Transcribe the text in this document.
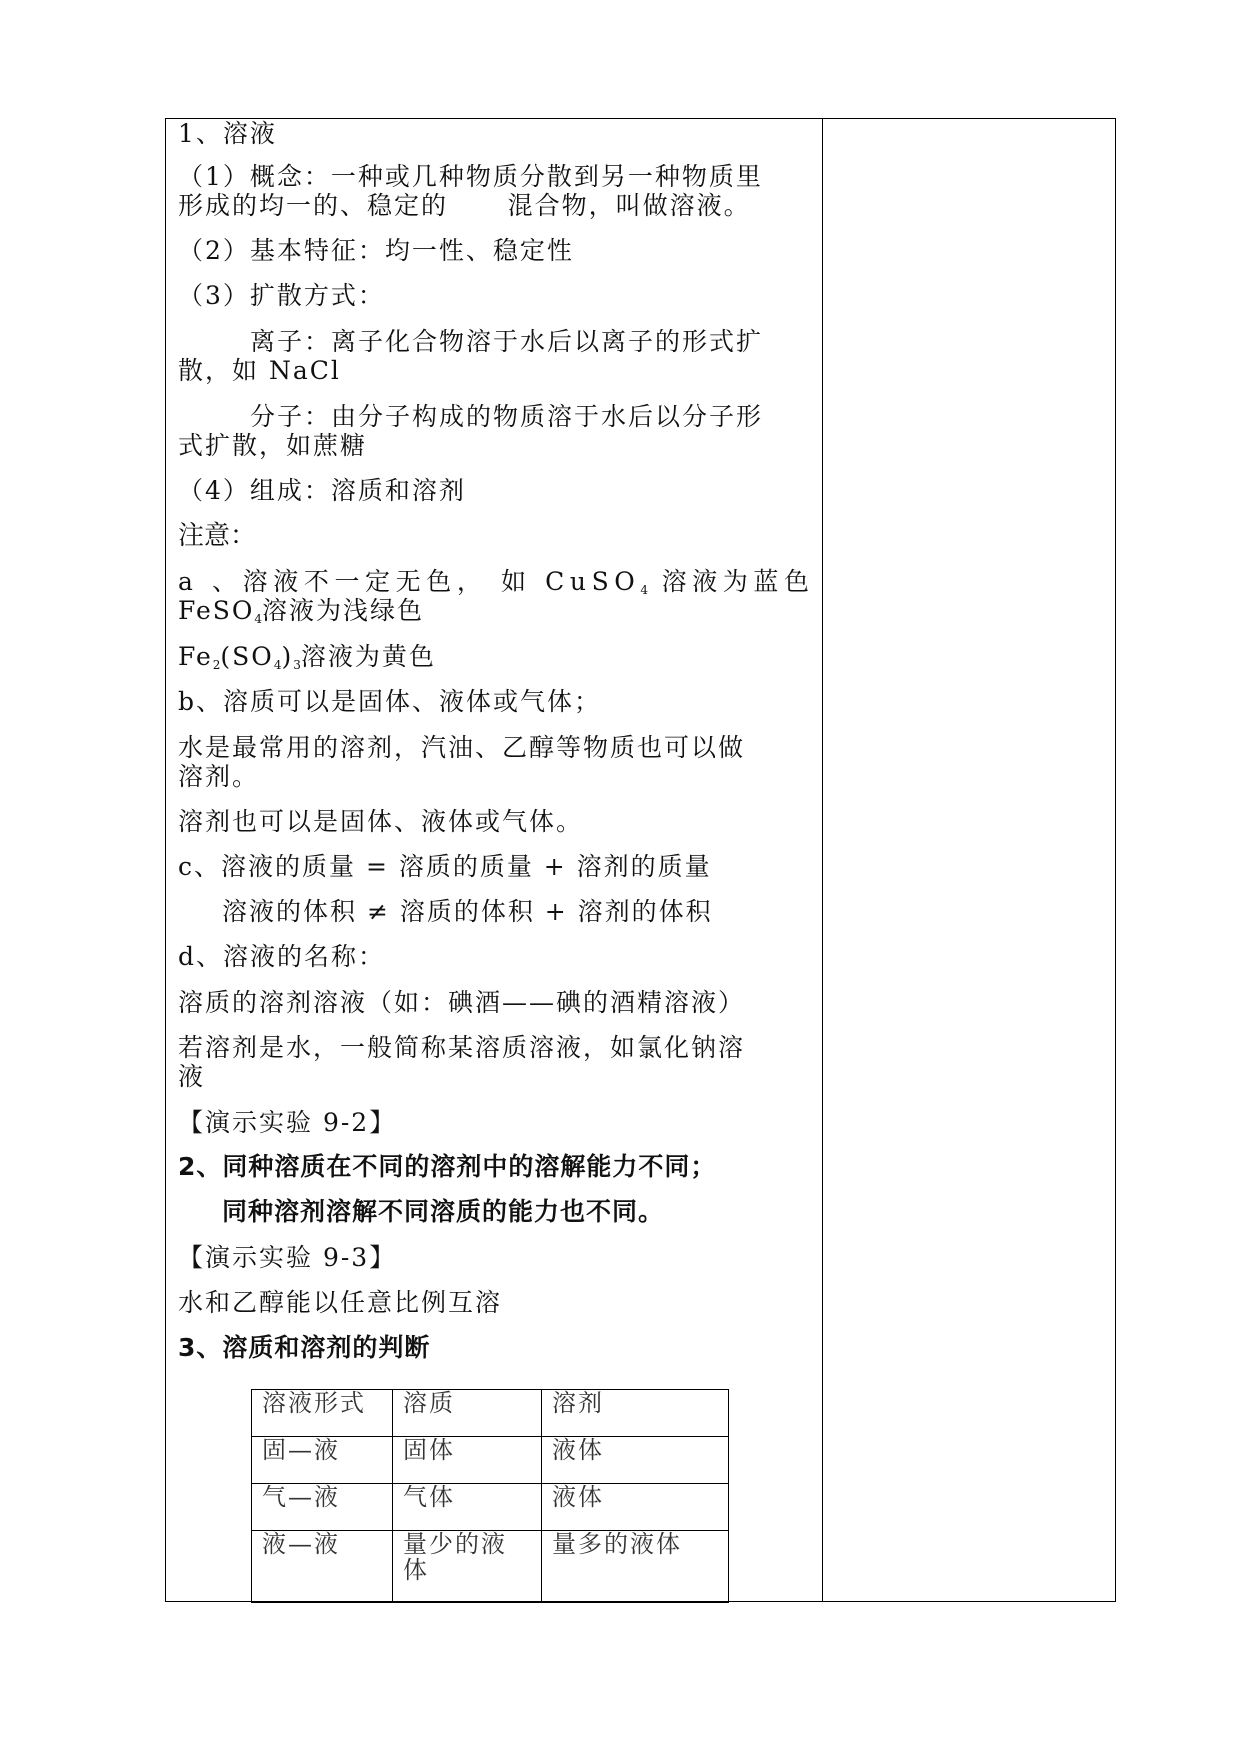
1、溶液
（1）概念：一种或几种物质分散到另一种物质里
形成的均一的、稳定的      混合物，叫做溶液。
（2）基本特征：均一性、稳定性
（3）扩散方式：
离子：离子化合物溶于水后以离子的形式扩
散，如 NaCl
分子：由分子构成的物质溶于水后以分子形
式扩散，如蔗糖
（4）组成：溶质和溶剂
注意：
a 、溶液不一定无色， 如 CuSO$_4$ 溶液为蓝色
FeSO$_4$溶液为浅绿色
$Fe_2(SO_4)_3$溶液为黄色
b、溶质可以是固体、液体或气体；
水是最常用的溶剂，汽油、乙醇等物质也可以做
溶剂。
溶剂也可以是固体、液体或气体。
c、溶液的质量 = 溶质的质量 + 溶剂的质量
溶液的体积 ≠ 溶质的体积 + 溶剂的体积
d、溶液的名称：
溶质的溶剂溶液（如：碘酒——碘的酒精溶液）
若溶剂是水，一般简称某溶质溶液，如氯化钠溶
液
【演示实验 9-2】
2、同种溶质在不同的溶剂中的溶解能力不同；
同种溶剂溶解不同溶质的能力也不同。
【演示实验 9-3】
水和乙醇能以任意比例互溶
3、溶质和溶剂的判断
溶液形式	溶质	溶剂
固—液	固体	液体
气—液	气体	液体
液—液	量少的液体	量多的液体
